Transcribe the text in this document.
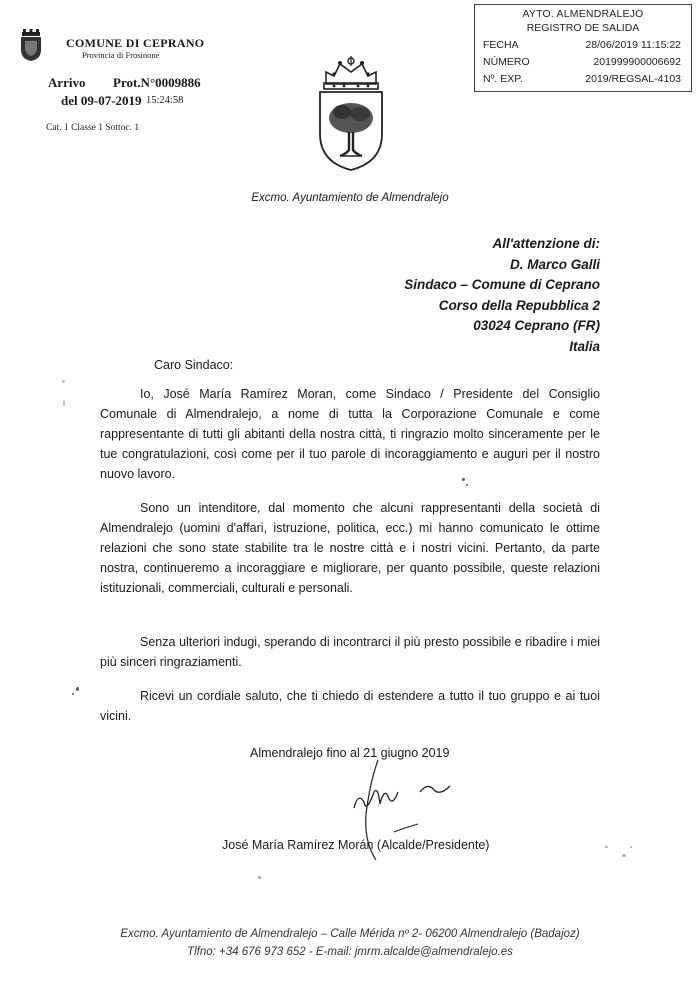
AYTO. ALMENDRALEJO
REGISTRO DE SALIDA
FECHA	28/06/2019 11:15:22
NÚMERO	201999900006692
Nº. EXP.	2019/REGSAL-4103
COMUNE DI CEPRANO
Provincia di Frosinone
Arrivo Prot.N°0009886
del 09-07-2019 15:24:58
Cat. 1 Classe 1 Sottoc. 1
Excmo. Ayuntamiento de Almendralejo
All'attenzione di:
D. Marco Galli
Sindaco – Comune di Ceprano
Corso della Repubblica 2
03024 Ceprano (FR)
Italia
Caro Sindaco:
Io, José María Ramírez Moran, come Sindaco / Presidente del Consiglio Comunale di Almendralejo, a nome di tutta la Corporazione Comunale e come rappresentante di tutti gli abitanti della nostra città, ti ringrazio molto sinceramente per le tue congratulazioni, così come per il tuo parole di incoraggiamento e auguri per il nostro nuovo lavoro.
Sono un intenditore, dal momento che alcuni rappresentanti della società di Almendralejo (uomini d'affari, istruzione, politica, ecc.) mi hanno comunicato le ottime relazioni che sono state stabilite tra le nostre città e i nostri vicini. Pertanto, da parte nostra, continueremo a incoraggiare e migliorare, per quanto possibile, queste relazioni istituzionali, commerciali, culturali e personali.
Senza ulteriori indugi, sperando di incontrarci il più presto possibile e ribadire i miei più sinceri ringraziamenti.
Ricevi un cordiale saluto, che ti chiedo di estendere a tutto il tuo gruppo e ai tuoi vicini.
Almendralejo fino al 21 giugno 2019
José María Ramírez Morán (Alcalde/Presidente)
Excmo. Ayuntamiento de Almendralejo – Calle Mérida nº 2- 06200 Almendralejo (Badajoz)
Tlfno: +34 676 973 652 - E-mail: jmrm.alcalde@almendralejo.es
